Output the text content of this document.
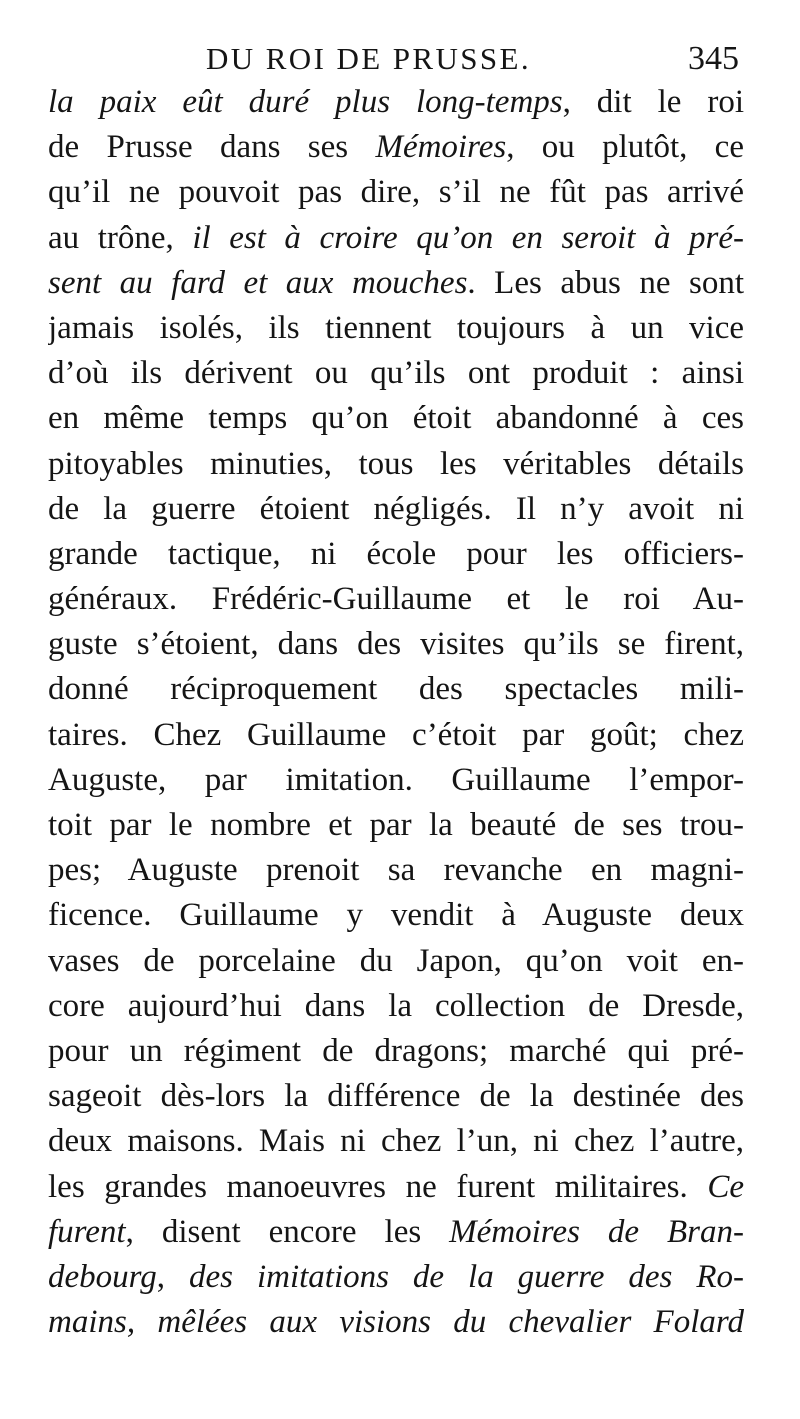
DU ROI DE PRUSSE.	345
la paix eût duré plus long-temps, dit le roi
de Prusse dans ses Mémoires, ou plutôt, ce
qu’il ne pouvoit pas dire, s’il ne fût pas arrivé
au trône, il est à croire qu’on en seroit à pré-
sent au fard et aux mouches. Les abus ne sont
jamais isolés, ils tiennent toujours à un vice
d’où ils dérivent ou qu’ils ont produit : ainsi
en même temps qu’on étoit abandonné à ces
pitoyables minuties, tous les véritables détails
de la guerre étoient négligés. Il n’y avoit ni
grande tactique, ni école pour les officiers-
généraux. Frédéric-Guillaume et le roi Au-
guste s’étoient, dans des visites qu’ils se firent,
donné réciproquement des spectacles mili-
taires. Chez Guillaume c’étoit par goût; chez
Auguste, par imitation. Guillaume l’empor-
toit par le nombre et par la beauté de ses trou-
pes; Auguste prenoit sa revanche en magni-
ficence. Guillaume y vendit à Auguste deux
vases de porcelaine du Japon, qu’on voit en-
core aujourd’hui dans la collection de Dresde,
pour un régiment de dragons; marché qui pré-
sageoit dès-lors la différence de la destinée des
deux maisons. Mais ni chez l’un, ni chez l’autre,
les grandes manoeuvres ne furent militaires. Ce
furent, disent encore les Mémoires de Bran-
debourg, des imitations de la guerre des Ro-
mains, mêlées aux visions du chevalier Folard
